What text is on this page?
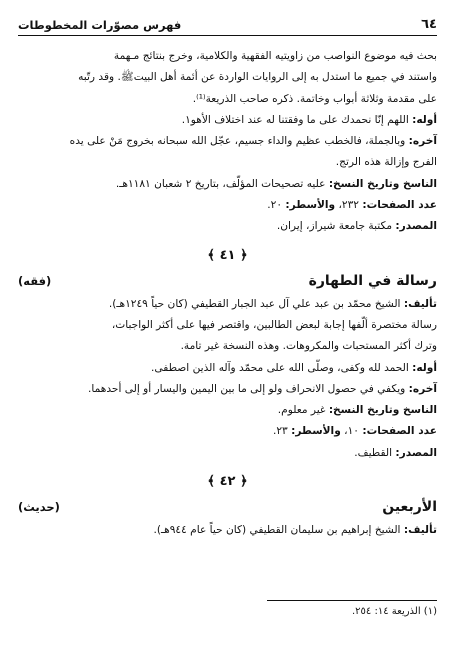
٦٤
فهرس مصوّرات المخطوطات

بحث فيه موضوع النواصب من زاويتيه الفقهية والكلامية، وخرج بنتائج مـهمة

واستند في جميع ما استدل به إلى الروايات الواردة عن أئمة أهل البيتﷺ. وقد رتّبه

على مقدمة وثلاثة أبواب وخاتمة. ذكره صاحب الذريعة⁽¹⁾.

أوله: اللهم إنّا نحمدك على ما وفقتنا له عند اختلاف الأهو١.

آخره: وبالجملة، فالخطب عظيم والداء جسيم، عجّل الله سبحانه بخروج مَنْ على يده

الفرج وإزالة هذه الرتج.

الناسخ وتاريخ النسخ: عليه تصحيحات المؤلّف، بتاريخ ٢ شعبان ١١٨١هـ.

عدد الصفحات: ٢٣٢، والأسطر: ٢٠.

المصدر: مكتبة جامعة شيراز، إيران.

﴿ ٤١ ﴾
رسالة في الطهارة
(فقه)

تأليف: الشيخ محمّد بن عبد علي آل عبد الجبار القطيفي (كان حياً ١٢٤٩هـ).

رسالة مختصرة ألّفها إجابة لبعض الطالبين، واقتصر فيها على أكثر الواجبات،

وترك أكثر المستحبات والمكروهات. وهذه النسخة غير تامة.

أوله: الحمد لله وكفى، وصلّى الله على محمّد وآله الذين اصطفى.

آخره: ويكفي في حصول الانحراف ولو إلى ما بين اليمين واليسار أو إلى أحدهما.

الناسخ وتاريخ النسخ: غير معلوم.

عدد الصفحات: ١٠، والأسطر: ٢٣.

المصدر: القطيف.

﴿ ٤٢ ﴾
الأربعين
(حديث)

تأليف: الشيخ إبراهيم بن سليمان القطيفي (كان حياً عام ٩٤٤هـ).

(١) الذريعة ١٤: ٢٥٤.
